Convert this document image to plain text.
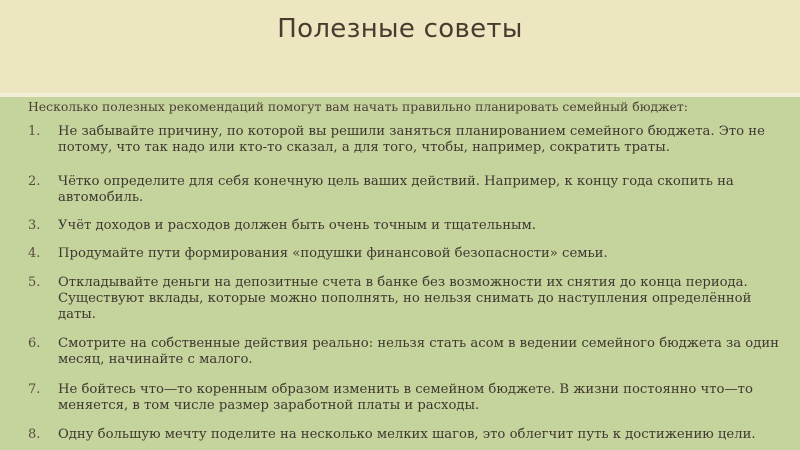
Полезные советы
Несколько полезных рекомендаций помогут вам начать правильно планировать семейный бюджет:
1. Не забывайте причину, по которой вы решили заняться планированием семейного бюджета. Это не потому, что так надо или кто-то сказал, а для того, чтобы, например, сократить траты.
2. Чётко определите для себя конечную цель ваших действий. Например, к концу года скопить на автомобиль.
3. Учёт доходов и расходов должен быть очень точным и тщательным.
4. Продумайте пути формирования «подушки финансовой безопасности» семьи.
5. Откладывайте деньги на депозитные счета в банке без возможности их снятия до конца периода. Существуют вклады, которые можно пополнять, но нельзя снимать до наступления определённой даты.
6. Смотрите на собственные действия реально: нельзя стать асом в ведении семейного бюджета за один месяц, начинайте с малого.
7. Не бойтесь что—то коренным образом изменить в семейном бюджете. В жизни постоянно что—то меняется, в том числе размер заработной платы и расходы.
8. Одну большую мечту поделите на несколько мелких шагов, это облегчит путь к достижению цели.
